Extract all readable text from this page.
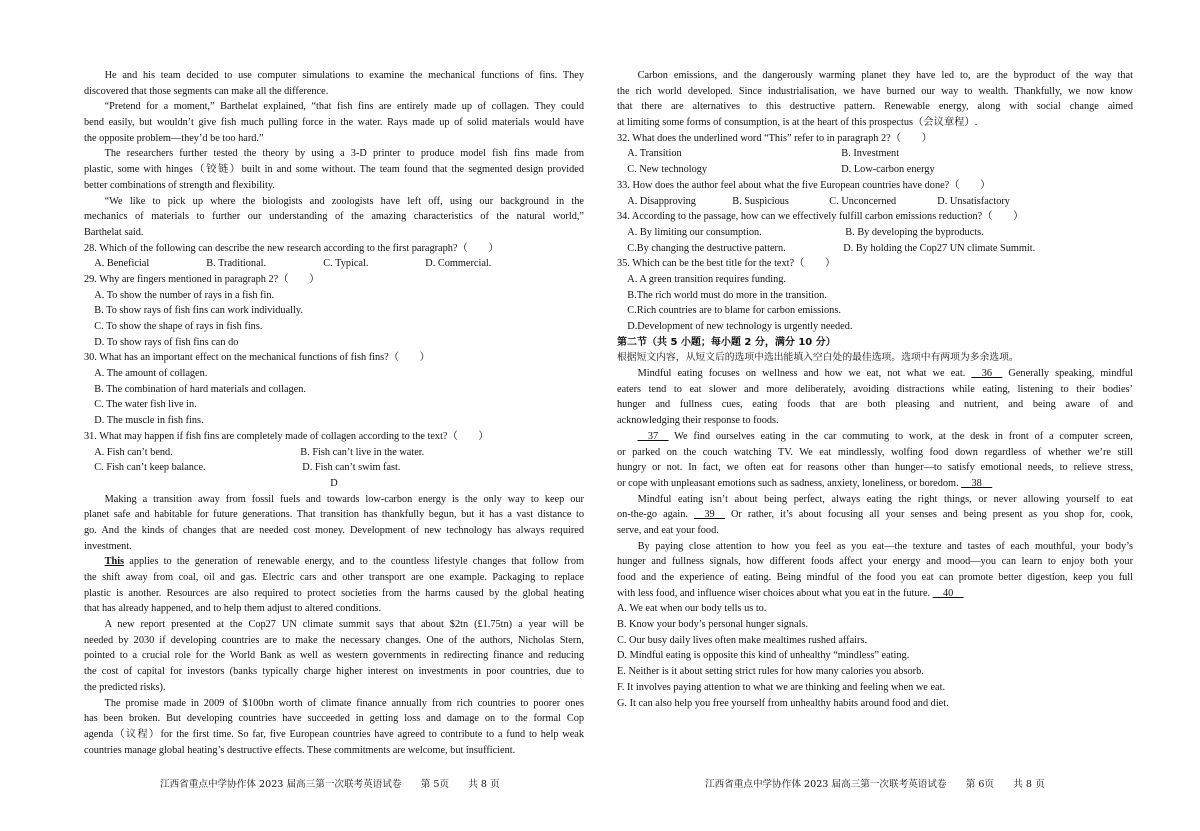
He and his team decided to use computer simulations to examine the mechanical functions of fins. They
discovered that those segments can make all the difference.
“Pretend for a moment,” Barthelat explained, “that fish fins are entirely made up of collagen. They could
bend easily, but wouldn’t give fish much pulling force in the water. Rays made up of solid materials would have
the opposite problem—they’d be too hard.”
The researchers further tested the theory by using a 3-D printer to produce model fish fins made from
plastic, some with hinges（铰链）built in and some without. The team found that the segmented design provided
better combinations of strength and flexibility.
“We like to pick up where the biologists and zoologists have left off, using our background in the
mechanics of materials to further our understanding of the amazing characteristics of the natural world,”
Barthelat said.
28. Which of the following can describe the new research according to the first paragraph?（　　）
A. Beneficial	B. Traditional.	C. Typical.	D. Commercial.
29. Why are fingers mentioned in paragraph 2?（　　）
A. To show the number of rays in a fish fin.
B. To show rays of fish fins can work individually.
C. To show the shape of rays in fish fins.
D. To show rays of fish fins can do
30. What has an important effect on the mechanical functions of fish fins?（　　）
A. The amount of collagen.
B. The combination of hard materials and collagen.
C. The water fish live in.
D. The muscle in fish fins.
31. What may happen if fish fins are completely made of collagen according to the text?（　　）
A. Fish can’t bend.	B. Fish can’t live in the water.
C. Fish can’t keep balance.	D. Fish can’t swim fast.
D
Making a transition away from fossil fuels and towards low-carbon energy is the only way to keep our
planet safe and habitable for future generations. That transition has thankfully begun, but it has a vast distance to
go. And the kinds of changes that are needed cost money. Development of new technology has always required
investment.
This applies to the generation of renewable energy, and to the countless lifestyle changes that follow from
the shift away from coal, oil and gas. Electric cars and other transport are one example. Packaging to replace
plastic is another. Resources are also required to protect societies from the harms caused by the global heating
that has already happened, and to help them adjust to altered conditions.
A new report presented at the Cop27 UN climate summit says that about $2tn (£1.75tn) a year will be
needed by 2030 if developing countries are to make the necessary changes. One of the authors, Nicholas Stern,
pointed to a crucial role for the World Bank as well as western governments in redirecting finance and reducing
the cost of capital for investors (banks typically charge higher interest on investments in poor countries, due to
the predicted risks).
The promise made in 2009 of $100bn worth of climate finance annually from rich countries to poorer ones
has been broken. But developing countries have succeeded in getting loss and damage on to the formal Cop
agenda（议程）for the first time. So far, five European countries have agreed to contribute to a fund to help weak
countries manage global heating’s destructive effects. These commitments are welcome, but insufficient.
Carbon emissions, and the dangerously warming planet they have led to, are the byproduct of the way that
the rich world developed. Since industrialisation, we have burned our way to wealth. Thankfully, we now know
that there are alternatives to this destructive pattern. Renewable energy, along with social change aimed
at limiting some forms of consumption, is at the heart of this prospectus（会议章程）.
32. What does the underlined word “This” refer to in paragraph 2?（　　）
A. Transition	B. Investment
C. New technology	D. Low-carbon energy
33. How does the author feel about what the five European countries have done?（　　）
A. Disapproving	B. Suspicious	C. Unconcerned	D. Unsatisfactory
34. According to the passage, how can we effectively fulfill carbon emissions reduction?（　　）
A. By limiting our consumption.	B. By developing the byproducts.
C.By changing the destructive pattern.	D. By holding the Cop27 UN climate Summit.
35. Which can be the best title for the text?（　　）
A. A green transition requires funding.
B.The rich world must do more in the transition.
C.Rich countries are to blame for carbon emissions.
D.Development of new technology is urgently needed.
第二节（共 5 小题；每小题 2 分，满分 10 分）
根据短文内容，从短文后的选项中选出能填入空白处的最佳选项。选项中有两项为多余选项。
Mindful eating focuses on wellness and how we eat, not what we eat. __36__ Generally speaking, mindful
eaters tend to eat slower and more deliberately, avoiding distractions while eating, listening to their bodies’
hunger and fullness cues, eating foods that are both pleasing and nutrient, and being aware of and
acknowledging their response to foods.
__37__ We find ourselves eating in the car commuting to work, at the desk in front of a computer screen,
or parked on the couch watching TV. We eat mindlessly, wolfing food down regardless of whether we’re still
hungry or not. In fact, we often eat for reasons other than hunger—to satisfy emotional needs, to relieve stress,
or cope with unpleasant emotions such as sadness, anxiety, loneliness, or boredom. __38__
Mindful eating isn’t about being perfect, always eating the right things, or never allowing yourself to eat
on-the-go again. __39__ Or rather, it’s about focusing all your senses and being present as you shop for, cook,
serve, and eat your food.
By paying close attention to how you feel as you eat—the texture and tastes of each mouthful, your body’s
hunger and fullness signals, how different foods affect your energy and mood—you can learn to enjoy both your
food and the experience of eating. Being mindful of the food you eat can promote better digestion, keep you full
with less food, and influence wiser choices about what you eat in the future. __40__
A. We eat when our body tells us to.
B. Know your body’s personal hunger signals.
C. Our busy daily lives often make mealtimes rushed affairs.
D. Mindful eating is opposite this kind of unhealthy “mindless” eating.
E. Neither is it about setting strict rules for how many calories you absorb.
F. It involves paying attention to what we are thinking and feeling when we eat.
G. It can also help you free yourself from unhealthy habits around food and diet.
江西省重点中学协作体 2023 届高三第一次联考英语试卷　　第 5页　　共 8 页	江西省重点中学协作体 2023 届高三第一次联考英语试卷　　第 6页　　共 8 页
